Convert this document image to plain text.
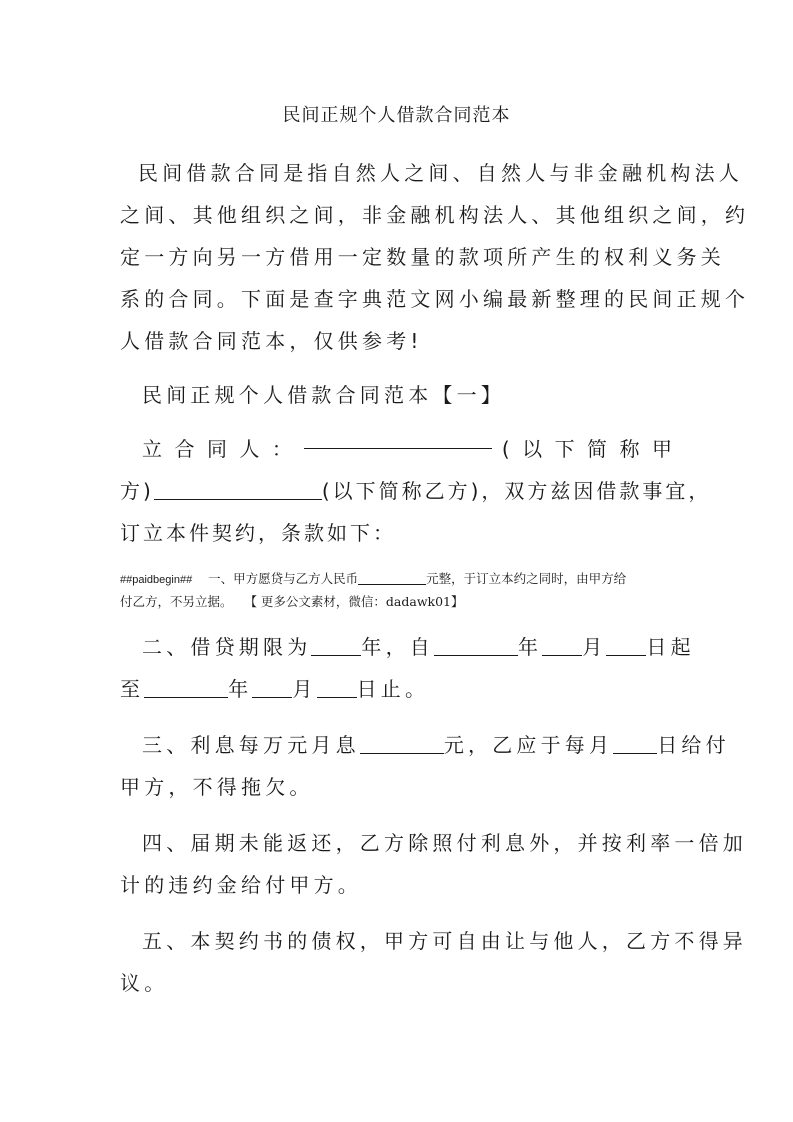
民间正规个人借款合同范本
民间借款合同是指自然人之间、自然人与非金融机构法人
之间、其他组织之间，非金融机构法人、其他组织之间，约
定一方向另一方借用一定数量的款项所产生的权利义务关
系的合同。下面是查字典范文网小编最新整理的民间正规个
人借款合同范本，仅供参考!
民间正规个人借款合同范本【一】
立 合 同 人 ：	( 以 下 简 称 甲
方)	(以下简称乙方)，双方兹因借款事宜，
订立本件契约，条款如下：
##paidbegin## 一、甲方愿贷与乙方人民币	元整，于订立本约之同时，由甲方给
付乙方，不另立据。 【 更多公文素材，微信：dadawk01】
二、借贷期限为	年，自	年 月 日起
至	年 月 日止。
三、利息每万元月息	元，乙应于每月 日给付
甲方，不得拖欠。
四、届期未能返还，乙方除照付利息外，并按利率一倍加
计的违约金给付甲方。
五、本契约书的债权，甲方可自由让与他人，乙方不得异
议。
